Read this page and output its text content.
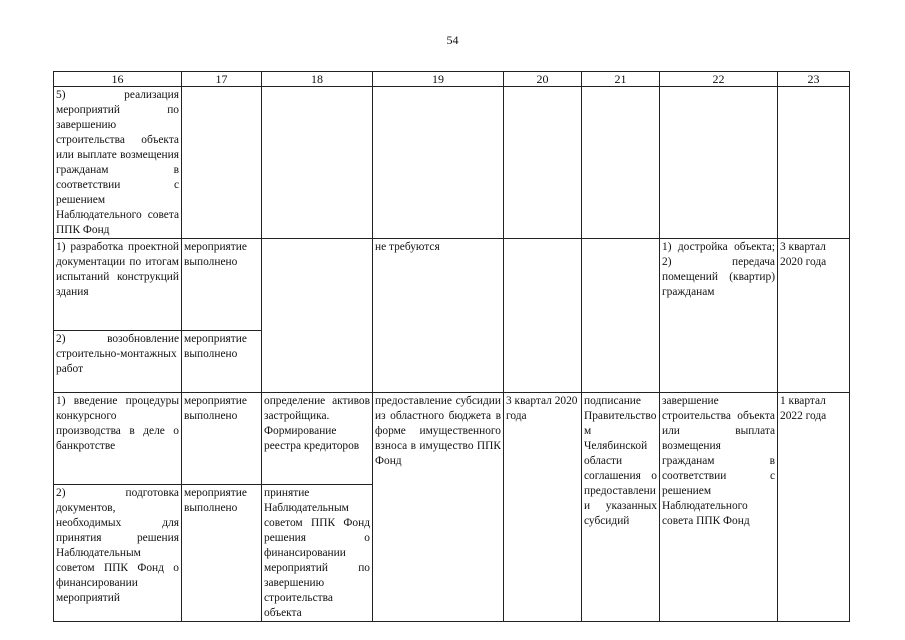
54
16	17	18	19	20	21	22	23
5) реализация мероприятий по завершению строительства объекта или выплате возмещения гражданам в соответствии с решением Наблюдательного совета ППК Фонд							
1) разработка проектной документации по итогам испытаний конструкций здания	мероприятие выполнено		не требуются			1) достройка объекта; 2) передача помещений (квартир) гражданам	3 квартал 2020 года
2) возобновление строительно-монтажных работ	мероприятие выполнено						
1) введение процедуры конкурсного производства в деле о банкротстве	мероприятие выполнено	определение активов застройщика. Формирование реестра кредиторов	предоставление субсидии из областного бюджета в форме имущественного взноса в имущество ППК Фонд	3 квартал 2020 года	подписание Правительством Челябинской области соглашения о предоставлении указанных субсидий	завершение строительства объекта или выплата возмещения гражданам в соответствии с решением Наблюдательного совета ППК Фонд	1 квартал 2022 года
2) подготовка документов, необходимых для принятия решения Наблюдательным советом ППК Фонд о финансировании мероприятий	мероприятие выполнено	принятие Наблюдательным советом ППК Фонд решения о финансировании мероприятий по завершению строительства объекта					
